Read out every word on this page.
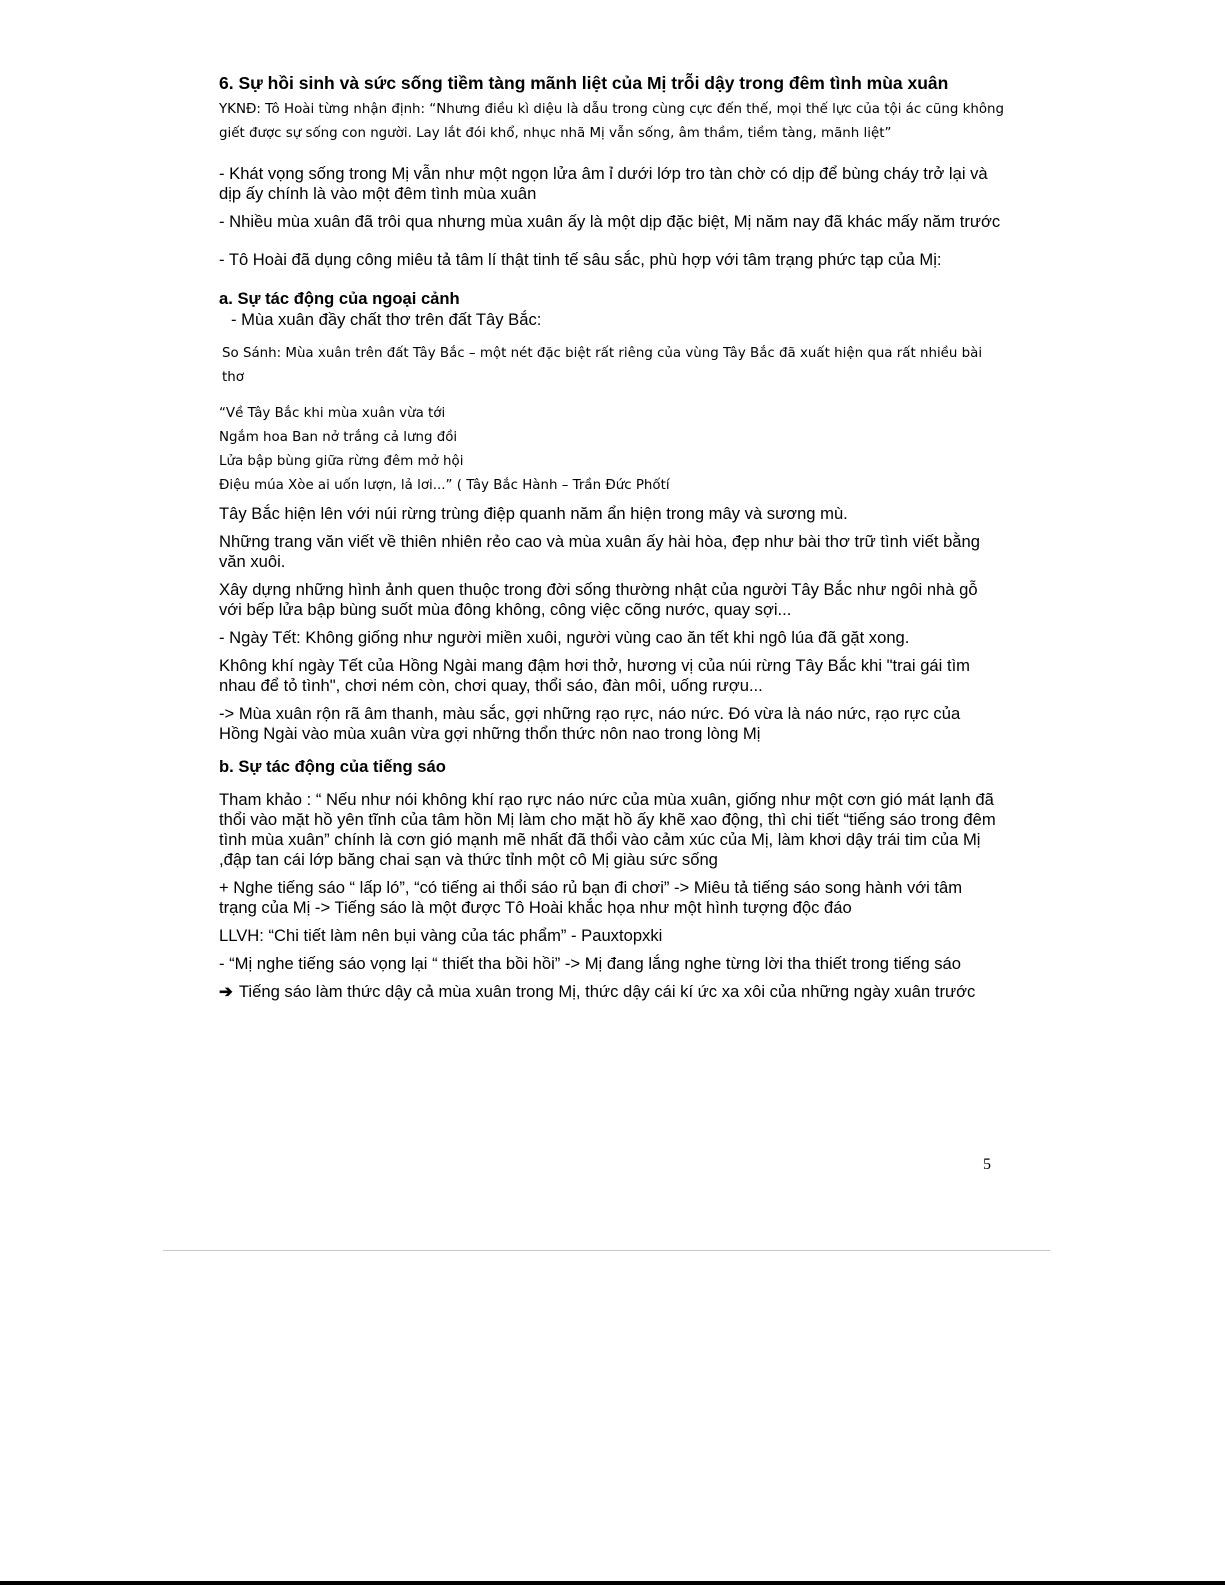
6. Sự hồi sinh và sức sống tiềm tàng mãnh liệt của Mị trỗi dậy trong đêm tình mùa xuân

YKNĐ: Tô Hoài từng nhận định: “Nhưng điều kì diệu là dẫu trong cùng cực đến thế, mọi thế lực của tội ác cũng không giết được sự sống con người. Lay lắt đói khổ, nhục nhã Mị vẫn sống, âm thầm, tiềm tàng, mãnh liệt”

- Khát vọng sống trong Mị vẫn như một ngọn lửa âm ỉ dưới lớp tro tàn chờ có dịp để bùng cháy trở lại và dịp ấy chính là vào một đêm tình mùa xuân

- Nhiều mùa xuân đã trôi qua nhưng mùa xuân ấy là một dịp đặc biệt, Mị năm nay đã khác mấy năm trước

- Tô Hoài đã dụng công miêu tả tâm lí thật tinh tế sâu sắc, phù hợp với tâm trạng phức tạp của Mị:

a. Sự tác động của ngoại cảnh

- Mùa xuân đầy chất thơ trên đất Tây Bắc:

So Sánh: Mùa xuân trên đất Tây Bắc – một nét đặc biệt rất riêng của vùng Tây Bắc đã xuất hiện qua rất nhiều bài thơ

“Về Tây Bắc khi mùa xuân vừa tới
Ngắm hoa Ban nở trắng cả lưng đồi
Lửa bập bùng giữa rừng đêm mở hội
Điệu múa Xòe ai uốn lượn, lả lơi...” ( Tây Bắc Hành – Trần Đức Phốtí

Tây Bắc hiện lên với núi rừng trùng điệp quanh năm ẩn hiện trong mây và sương mù.

Những trang văn viết về thiên nhiên rẻo cao và mùa xuân ấy hài hòa, đẹp như bài thơ trữ tình viết bằng văn xuôi.

Xây dựng những hình ảnh quen thuộc trong đời sống thường nhật của người Tây Bắc như ngôi nhà gỗ với bếp lửa bập bùng suốt mùa đông không, công việc cõng nước, quay sợi...

- Ngày Tết: Không giống như người miền xuôi, người vùng cao ăn tết khi ngô lúa đã gặt xong.

Không khí ngày Tết của Hồng Ngài mang đậm hơi thở, hương vị của núi rừng Tây Bắc khi "trai gái tìm nhau để tỏ tình", chơi ném còn, chơi quay, thổi sáo, đàn môi, uống rượu...

-> Mùa xuân rộn rã âm thanh, màu sắc, gợi những rạo rực, náo nức. Đó vừa là náo nức, rạo rực của Hồng Ngài vào mùa xuân vừa gợi những thổn thức nôn nao trong lòng Mị

b. Sự tác động của tiếng sáo

Tham khảo : “ Nếu như nói không khí rạo rực náo nức của mùa xuân, giống như một cơn gió mát lạnh đã thổi vào mặt hồ yên tĩnh của tâm hồn Mị làm cho mặt hồ ấy khẽ xao động, thì chi tiết “tiếng sáo trong đêm tình mùa xuân” chính là cơn gió mạnh mẽ nhất đã thổi vào cảm xúc của Mị, làm khơi dậy trái tim của Mị ,đập tan cái lớp băng chai sạn và thức tỉnh một cô Mị giàu sức sống

+ Nghe tiếng sáo “ lấp ló”, “có tiếng ai thổi sáo rủ bạn đi chơi” -> Miêu tả tiếng sáo song hành với tâm trạng của Mị -> Tiếng sáo là một được Tô Hoài khắc họa như một hình tượng độc đáo

LLVH: “Chi tiết làm nên bụi vàng của tác phẩm” - Pauxtopxki

- “Mị nghe tiếng sáo vọng lại “ thiết tha bồi hồi” -> Mị đang lắng nghe từng lời tha thiết trong tiếng sáo

➔ Tiếng sáo làm thức dậy cả mùa xuân trong Mị, thức dậy cái kí ức xa xôi của những ngày xuân trước

5
